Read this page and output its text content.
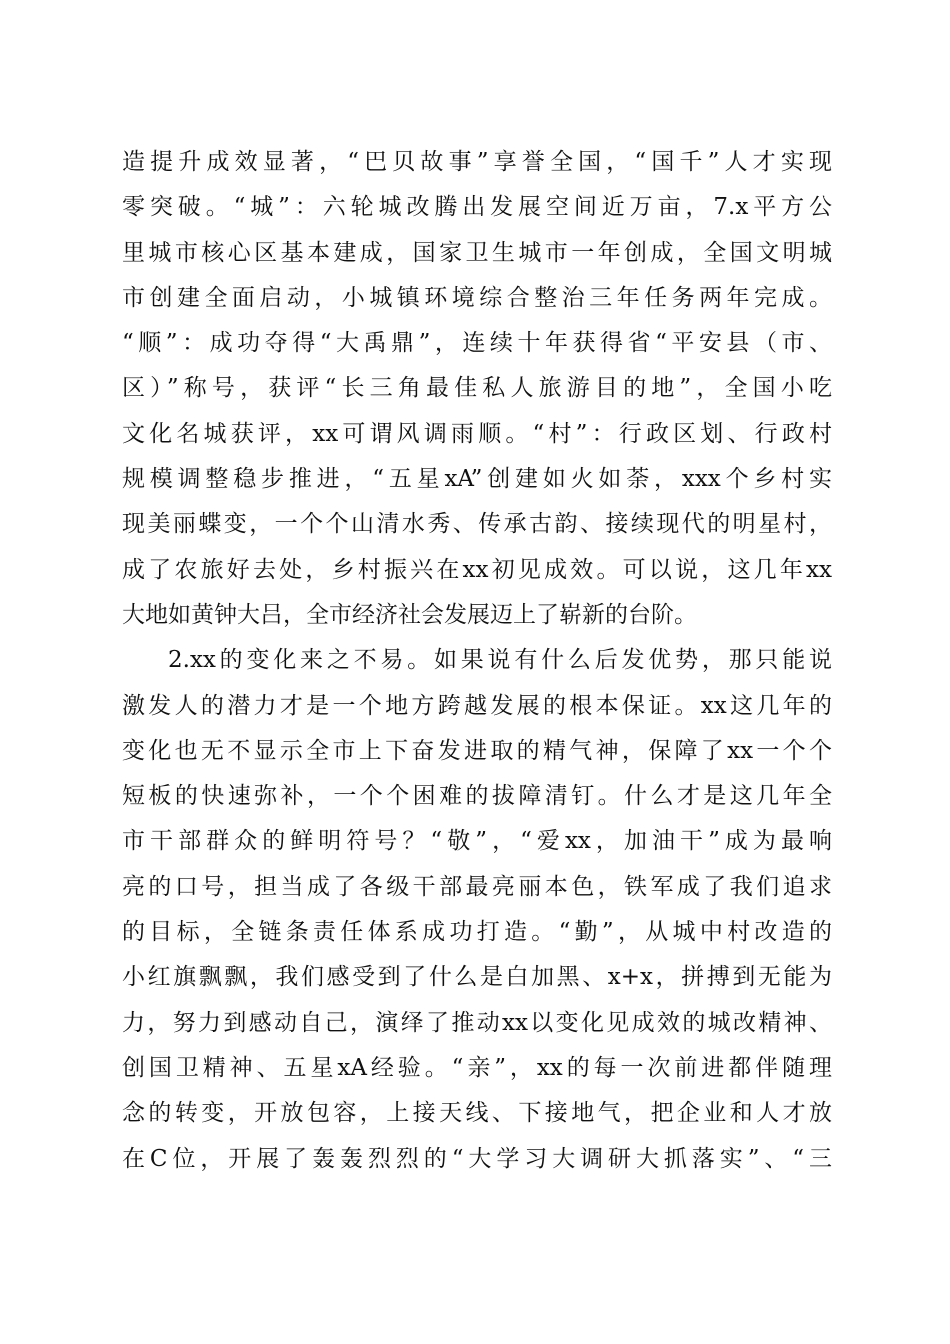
造提升成效显著，“巴贝故事”享誉全国，“国千”人才实现
零突破。“城”：六轮城改腾出发展空间近万亩，7.x平方公
里城市核心区基本建成，国家卫生城市一年创成，全国文明城
市创建全面启动，小城镇环境综合整治三年任务两年完成。
“顺”：成功夺得“大禹鼎”，连续十年获得省“平安县（市、
区）”称号，获评“长三角最佳私人旅游目的地”，全国小吃
文化名城获评，xx可谓风调雨顺。“村”：行政区划、行政村
规模调整稳步推进，“五星xA”创建如火如荼，xxx个乡村实
现美丽蝶变，一个个山清水秀、传承古韵、接续现代的明星村，
成了农旅好去处，乡村振兴在xx初见成效。可以说，这几年xx
大地如黄钟大吕，全市经济社会发展迈上了崭新的台阶。
2.xx的变化来之不易。如果说有什么后发优势，那只能说
激发人的潜力才是一个地方跨越发展的根本保证。xx这几年的
变化也无不显示全市上下奋发进取的精气神，保障了xx一个个
短板的快速弥补，一个个困难的拔障清钉。什么才是这几年全
市干部群众的鲜明符号？“敬”，“爱xx，加油干”成为最响
亮的口号，担当成了各级干部最亮丽本色，铁军成了我们追求
的目标，全链条责任体系成功打造。“勤”，从城中村改造的
小红旗飘飘，我们感受到了什么是白加黑、x+x，拼搏到无能为
力，努力到感动自己，演绎了推动xx以变化见成效的城改精神、
创国卫精神、五星xA经验。“亲”，xx的每一次前进都伴随理
念的转变，开放包容，上接天线、下接地气，把企业和人才放
在C位，开展了轰轰烈烈的“大学习大调研大抓落实”、“三
